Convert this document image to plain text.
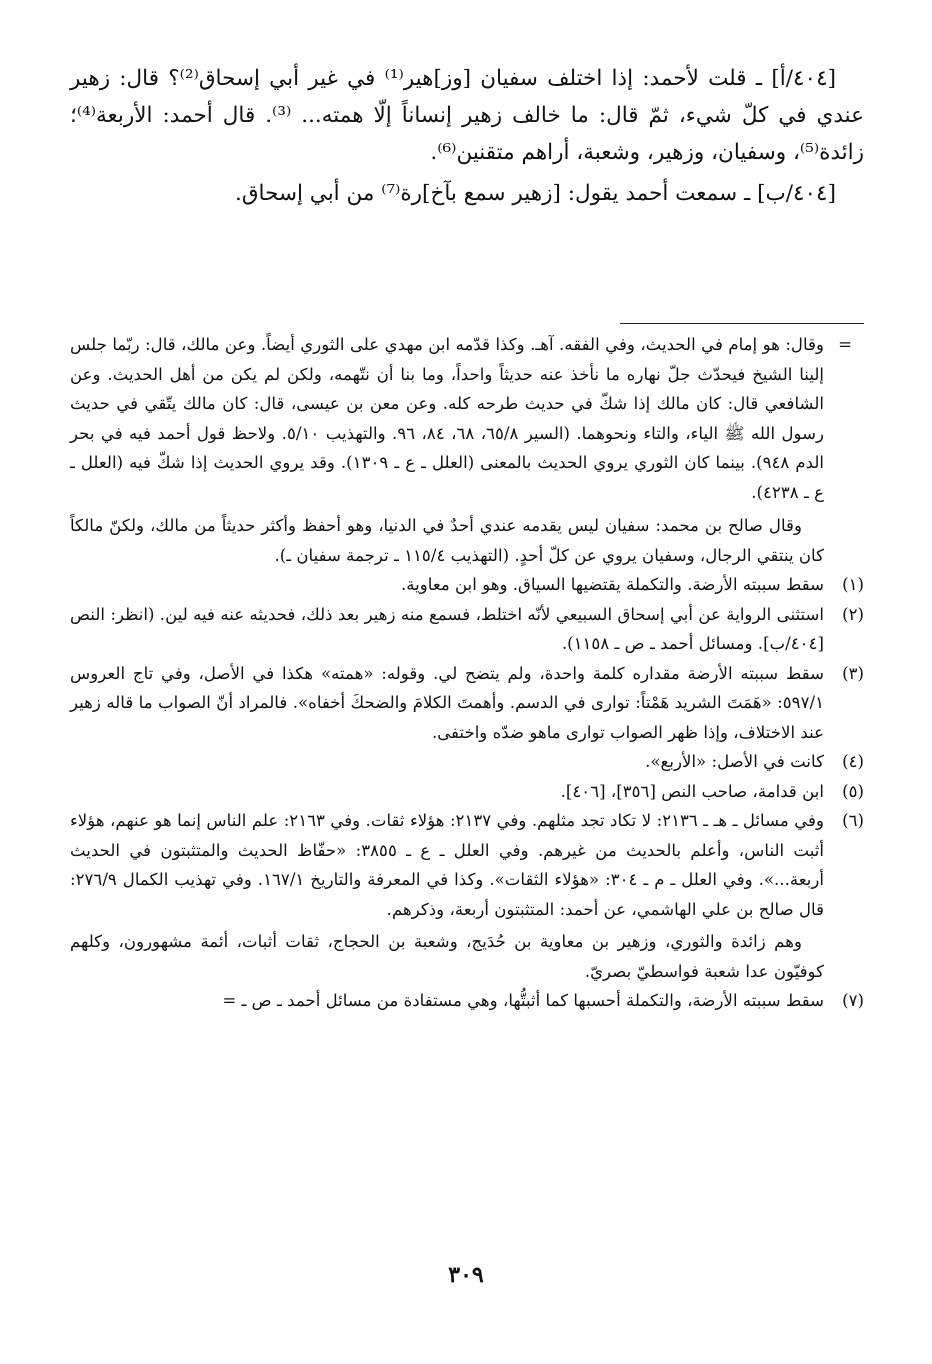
[٤٠٤/أ] ـ قلت لأحمد: إذا اختلف سفيان [وز]هير⁽¹⁾ في غير أبي إسحاق⁽²⁾؟ قال: زهير عندي في كلّ شيء، ثمّ قال: ما خالف زهير إنساناً إلّا همته... ⁽³⁾. قال أحمد: الأربعة⁽⁴⁾؛ زائدة⁽⁵⁾، وسفيان، وزهير، وشعبة، أراهم متقنين⁽⁶⁾.

[٤٠٤/ب] ـ سمعت أحمد يقول: [زهير سمع بآخ]رة⁽⁷⁾ من أبي إسحاق.

=
وقال: هو إمام في الحديث، وفي الفقه. آهـ. وكذا قدّمه ابن مهدي على الثوري أيضاً. وعن مالك، قال: ربّما جلس إلينا الشيخ فيحدّث جلّ نهاره ما نأخذ عنه حديثاً واحداً، وما بنا أن نتّهمه، ولكن لم يكن من أهل الحديث. وعن الشافعي قال: كان مالك إذا شكّ في حديث طرحه كله. وعن معن بن عيسى، قال: كان مالك يتّقي في حديث رسول الله ﷺ الياء، والتاء ونحوهما. (السير ٦٥/٨، ٦٨، ٨٤، ٩٦. والتهذيب ٥/١٠. ولاحظ قول أحمد فيه في بحر الدم ٩٤٨). بينما كان الثوري يروي الحديث بالمعنى (العلل ـ ع ـ ١٣٠٩). وقد يروي الحديث إذا شكّ فيه (العلل ـ ع ـ ٤٢٣٨).

وقال صالح بن محمد: سفيان ليس يقدمه عندي أحدٌ في الدنيا، وهو أحفظ وأكثر حديثاً من مالك، ولكنّ مالكاً كان ينتقي الرجال، وسفيان يروي عن كلّ أحدٍ. (التهذيب ١١٥/٤ ـ ترجمة سفيان ـ).

(١)
سقط سببته الأرضة. والتكملة يقتضيها السياق. وهو ابن معاوية.

(٢)
استثنى الرواية عن أبي إسحاق السبيعي لأنّه اختلط، فسمع منه زهير بعد ذلك، فحديثه عنه فيه لين. (انظر: النص [٤٠٤/ب]. ومسائل أحمد ـ ص ـ ١١٥٨).

(٣)
سقط سببته الأرضة مقداره كلمة واحدة، ولم يتضح لي. وقوله: «همته» هكذا في الأصل، وفي تاج العروس ٥٩٧/١: «هَمَتَ الشريد هَمْتاً: توارى في الدسم. وأهمتَ الكلامَ والضحكَ أخفاه». فالمراد أنّ الصواب ما قاله زهير عند الاختلاف، وإذا ظهر الصواب توارى ماهو ضدّه واختفى.

(٤)
كانت في الأصل: «الأربع».

(٥)
ابن قدامة، صاحب النص [٣٥٦]، [٤٠٦].

(٦)
وفي مسائل ـ هـ ـ ٢١٣٦: لا تكاد تجد مثلهم. وفي ٢١٣٧: هؤلاء ثقات. وفي ٢١٦٣: علم الناس إنما هو عنهم، هؤلاء أثبت الناس، وأعلم بالحديث من غيرهم. وفي العلل ـ ع ـ ٣٨٥٥: «حفّاظ الحديث والمتثبتون في الحديث أربعة...». وفي العلل ـ م ـ ٣٠٤: «هؤلاء الثقات». وكذا في المعرفة والتاريخ ١٦٧/١. وفي تهذيب الكمال ٢٧٦/٩: قال صالح بن علي الهاشمي، عن أحمد: المتثبتون أربعة، وذكرهم.

وهم زائدة والثوري، وزهير بن معاوية بن حُدَيج، وشعبة بن الحجاج، ثقات أثبات، أئمة مشهورون، وكلهم كوفيّون عدا شعبة فواسطيّ بصريّ.

(٧)
سقط سببته الأرضة، والتكملة أحسبها كما أثبتُّها، وهي مستفادة من مسائل أحمد ـ ص ـ =

٣٠٩
